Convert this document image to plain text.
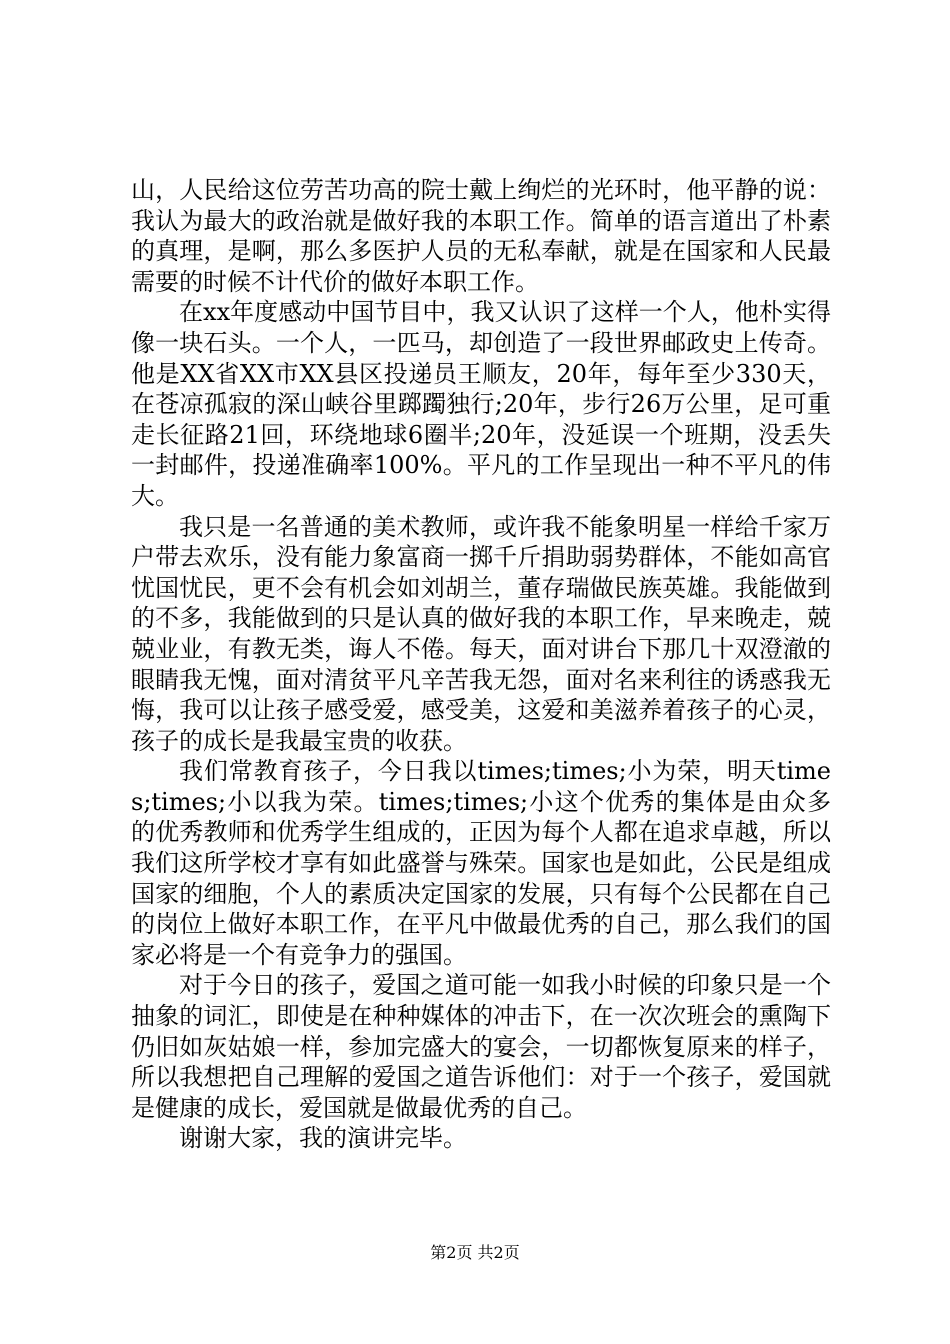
山，人民给这位劳苦功高的院士戴上绚烂的光环时，他平静的说：我认为最大的政治就是做好我的本职工作。简单的语言道出了朴素的真理，是啊，那么多医护人员的无私奉献，就是在国家和人民最需要的时候不计代价的做好本职工作。

在xx年度感动中国节目中，我又认识了这样一个人，他朴实得像一块石头。一个人，一匹马，却创造了一段世界邮政史上传奇。他是XX省XX市XX县区投递员王顺友，20年，每年至少330天，在苍凉孤寂的深山峡谷里踯躅独行;20年，步行26万公里，足可重走长征路21回，环绕地球6圈半;20年，没延误一个班期，没丢失一封邮件，投递准确率100%。平凡的工作呈现出一种不平凡的伟大。

我只是一名普通的美术教师，或许我不能象明星一样给千家万户带去欢乐，没有能力象富商一掷千斤捐助弱势群体，不能如高官忧国忧民，更不会有机会如刘胡兰，董存瑞做民族英雄。我能做到的不多，我能做到的只是认真的做好我的本职工作，早来晚走，兢兢业业，有教无类，诲人不倦。每天，面对讲台下那几十双澄澈的眼睛我无愧，面对清贫平凡辛苦我无怨，面对名来利往的诱惑我无悔，我可以让孩子感受爱，感受美，这爱和美滋养着孩子的心灵，孩子的成长是我最宝贵的收获。

我们常教育孩子，今日我以times;times;小为荣，明天times;times;小以我为荣。times;times;小这个优秀的集体是由众多的优秀教师和优秀学生组成的，正因为每个人都在追求卓越，所以我们这所学校才享有如此盛誉与殊荣。国家也是如此，公民是组成国家的细胞，个人的素质决定国家的发展，只有每个公民都在自己的岗位上做好本职工作，在平凡中做最优秀的自己，那么我们的国家必将是一个有竞争力的强国。

对于今日的孩子，爱国之道可能一如我小时候的印象只是一个抽象的词汇，即使是在种种媒体的冲击下，在一次次班会的熏陶下仍旧如灰姑娘一样，参加完盛大的宴会，一切都恢复原来的样子，所以我想把自己理解的爱国之道告诉他们：对于一个孩子，爱国就是健康的成长，爱国就是做最优秀的自己。

谢谢大家，我的演讲完毕。

第2页 共2页
